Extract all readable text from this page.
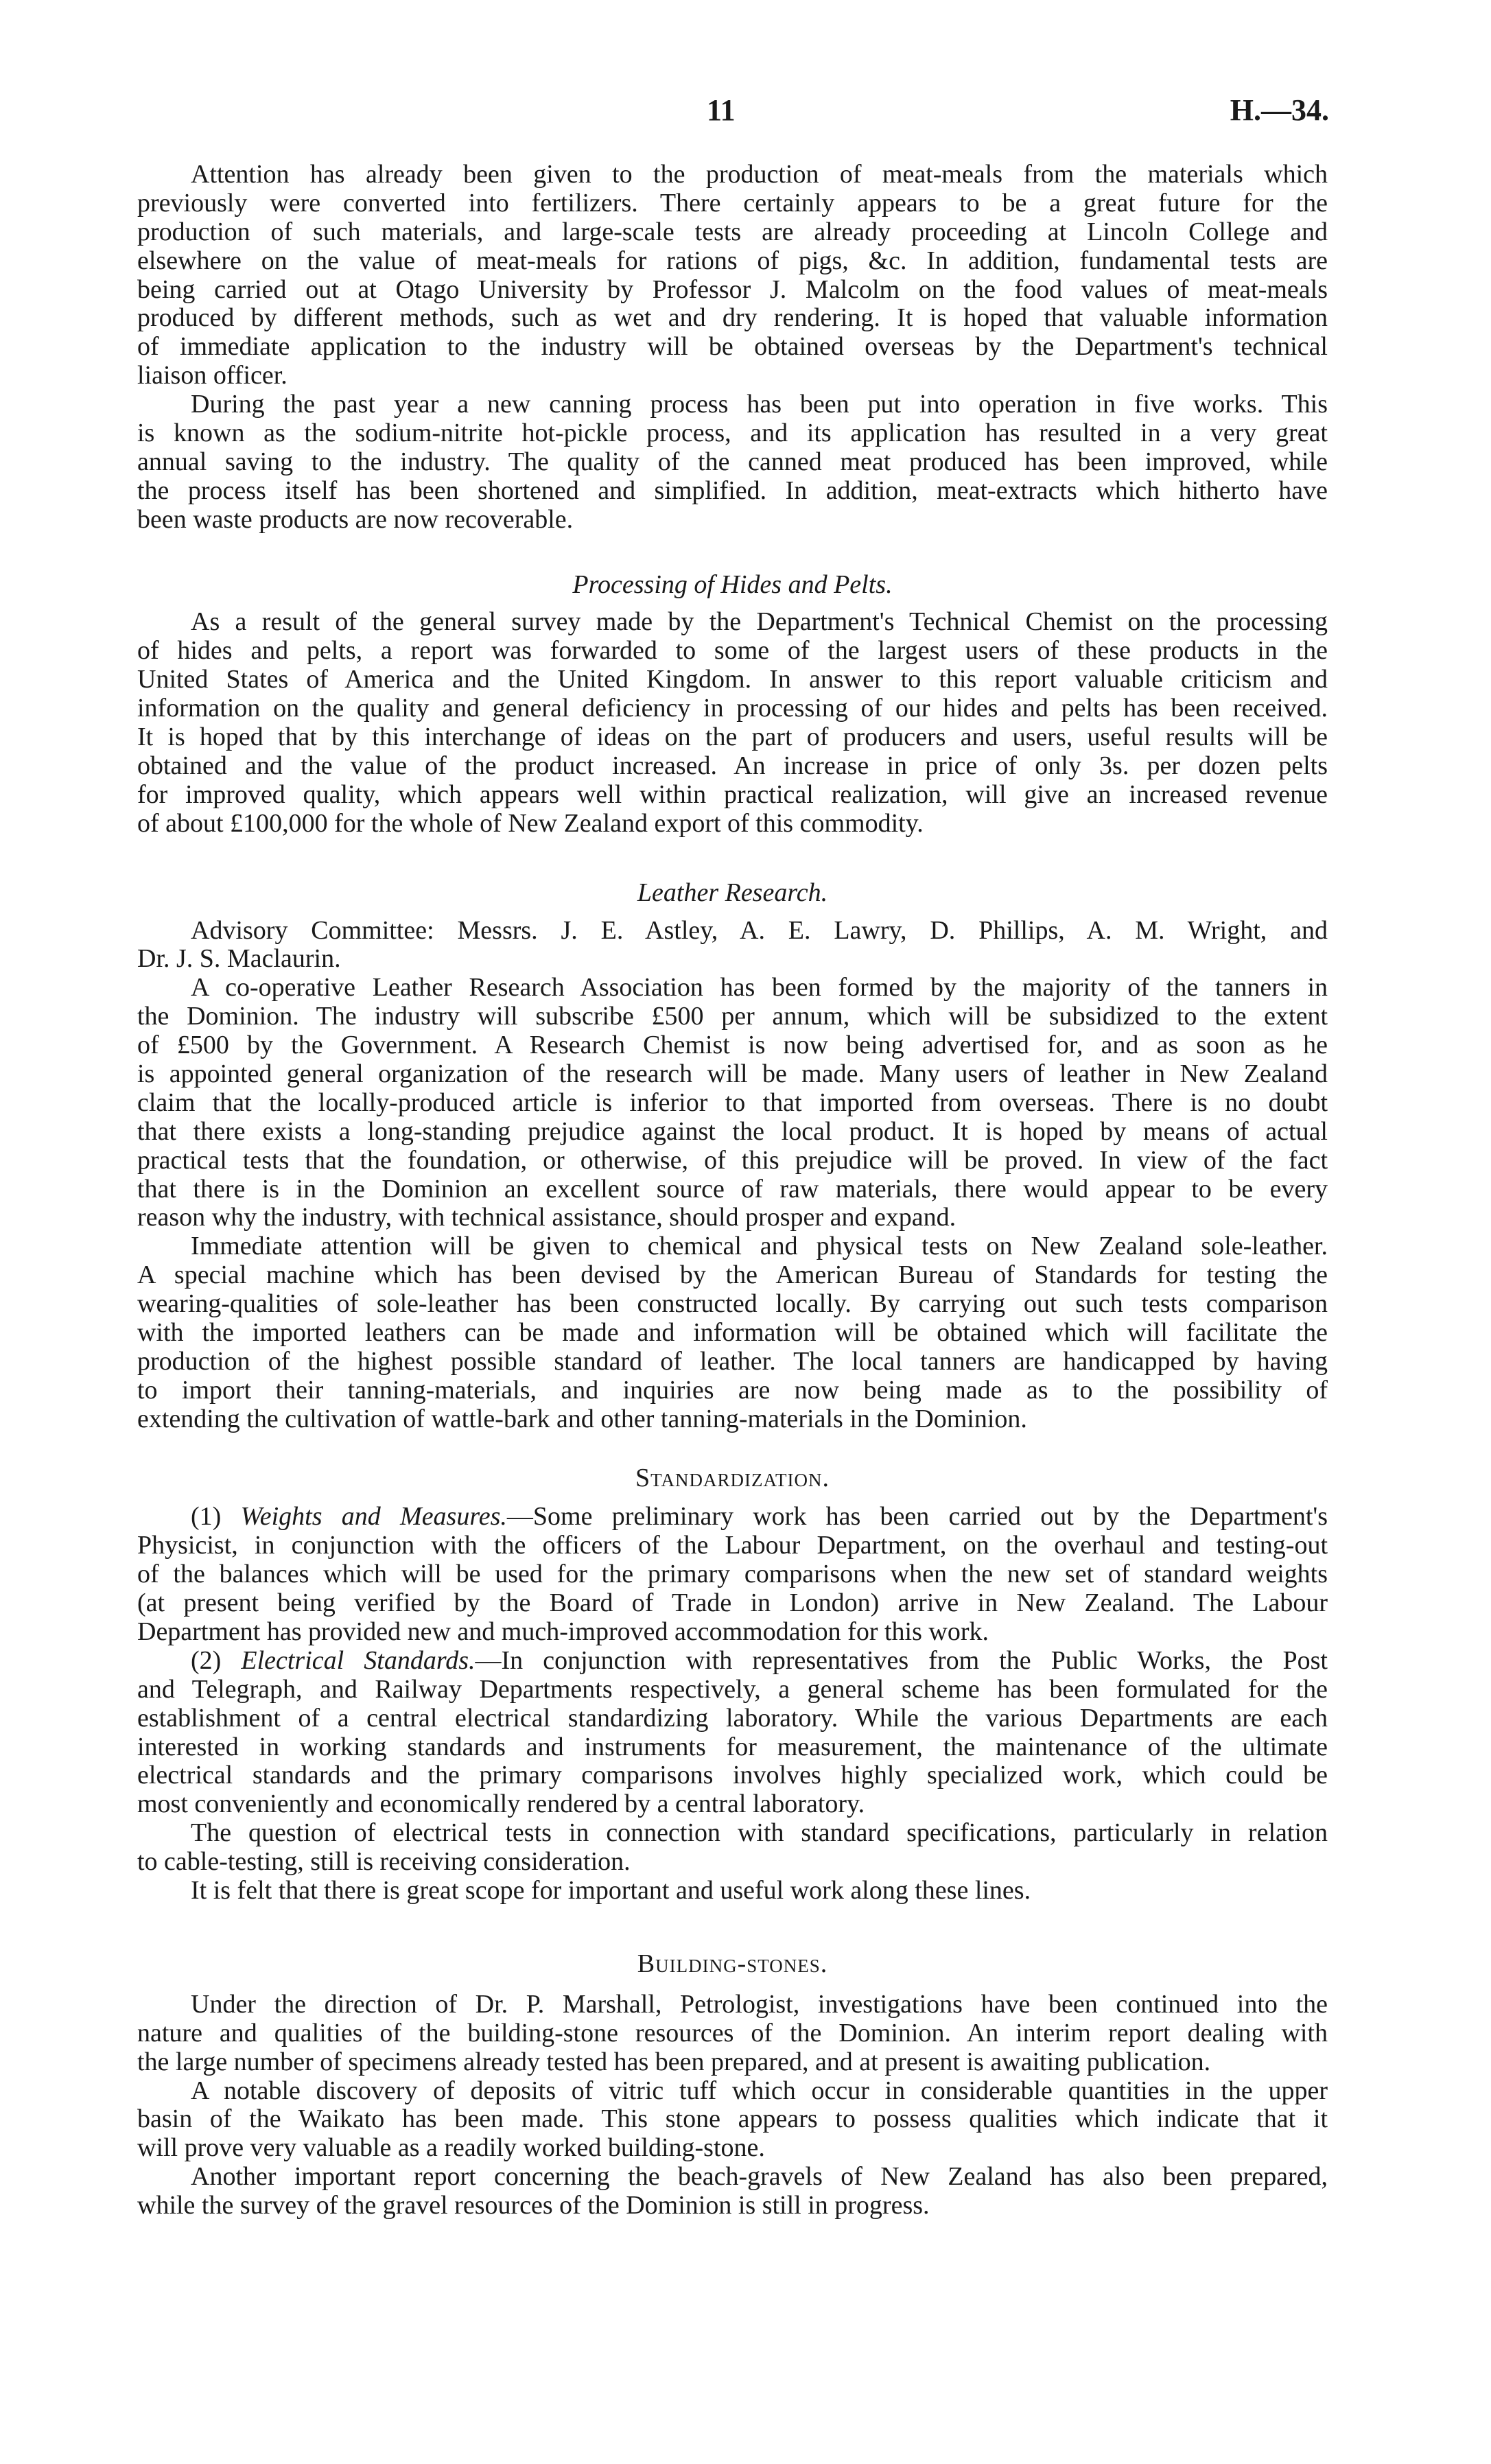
11	H.—34.
Attention has already been given to the production of meat-meals from the materials which
previously were converted into fertilizers. There certainly appears to be a great future for the
production of such materials, and large-scale tests are already proceeding at Lincoln College and
elsewhere on the value of meat-meals for rations of pigs, &c. In addition, fundamental tests are
being carried out at Otago University by Professor J. Malcolm on the food values of meat-meals
produced by different methods, such as wet and dry rendering. It is hoped that valuable information
of immediate application to the industry will be obtained overseas by the Department's technical
liaison officer.
During the past year a new canning process has been put into operation in five works. This
is known as the sodium-nitrite hot-pickle process, and its application has resulted in a very great
annual saving to the industry. The quality of the canned meat produced has been improved, while
the process itself has been shortened and simplified. In addition, meat-extracts which hitherto have
been waste products are now recoverable.
Processing of Hides and Pelts.
As a result of the general survey made by the Department's Technical Chemist on the processing
of hides and pelts, a report was forwarded to some of the largest users of these products in the
United States of America and the United Kingdom. In answer to this report valuable criticism and
information on the quality and general deficiency in processing of our hides and pelts has been received.
It is hoped that by this interchange of ideas on the part of producers and users, useful results will be
obtained and the value of the product increased. An increase in price of only 3s. per dozen pelts
for improved quality, which appears well within practical realization, will give an increased revenue
of about £100,000 for the whole of New Zealand export of this commodity.
Leather Research.
Advisory Committee: Messrs. J. E. Astley, A. E. Lawry, D. Phillips, A. M. Wright, and
Dr. J. S. Maclaurin.
A co-operative Leather Research Association has been formed by the majority of the tanners in
the Dominion. The industry will subscribe £500 per annum, which will be subsidized to the extent
of £500 by the Government. A Research Chemist is now being advertised for, and as soon as he
is appointed general organization of the research will be made. Many users of leather in New Zealand
claim that the locally-produced article is inferior to that imported from overseas. There is no doubt
that there exists a long-standing prejudice against the local product. It is hoped by means of actual
practical tests that the foundation, or otherwise, of this prejudice will be proved. In view of the fact
that there is in the Dominion an excellent source of raw materials, there would appear to be every
reason why the industry, with technical assistance, should prosper and expand.
Immediate attention will be given to chemical and physical tests on New Zealand sole-leather.
A special machine which has been devised by the American Bureau of Standards for testing the
wearing-qualities of sole-leather has been constructed locally. By carrying out such tests comparison
with the imported leathers can be made and information will be obtained which will facilitate the
production of the highest possible standard of leather. The local tanners are handicapped by having
to import their tanning-materials, and inquiries are now being made as to the possibility of
extending the cultivation of wattle-bark and other tanning-materials in the Dominion.
Standardization.
(1) Weights and Measures.—Some preliminary work has been carried out by the Department's
Physicist, in conjunction with the officers of the Labour Department, on the overhaul and testing-out
of the balances which will be used for the primary comparisons when the new set of standard weights
(at present being verified by the Board of Trade in London) arrive in New Zealand. The Labour
Department has provided new and much-improved accommodation for this work.
(2) Electrical Standards.—In conjunction with representatives from the Public Works, the Post
and Telegraph, and Railway Departments respectively, a general scheme has been formulated for the
establishment of a central electrical standardizing laboratory. While the various Departments are each
interested in working standards and instruments for measurement, the maintenance of the ultimate
electrical standards and the primary comparisons involves highly specialized work, which could be
most conveniently and economically rendered by a central laboratory.
The question of electrical tests in connection with standard specifications, particularly in relation
to cable-testing, still is receiving consideration.
It is felt that there is great scope for important and useful work along these lines.
Building-stones.
Under the direction of Dr. P. Marshall, Petrologist, investigations have been continued into the
nature and qualities of the building-stone resources of the Dominion. An interim report dealing with
the large number of specimens already tested has been prepared, and at present is awaiting publication.
A notable discovery of deposits of vitric tuff which occur in considerable quantities in the upper
basin of the Waikato has been made. This stone appears to possess qualities which indicate that it
will prove very valuable as a readily worked building-stone.
Another important report concerning the beach-gravels of New Zealand has also been prepared,
while the survey of the gravel resources of the Dominion is still in progress.
